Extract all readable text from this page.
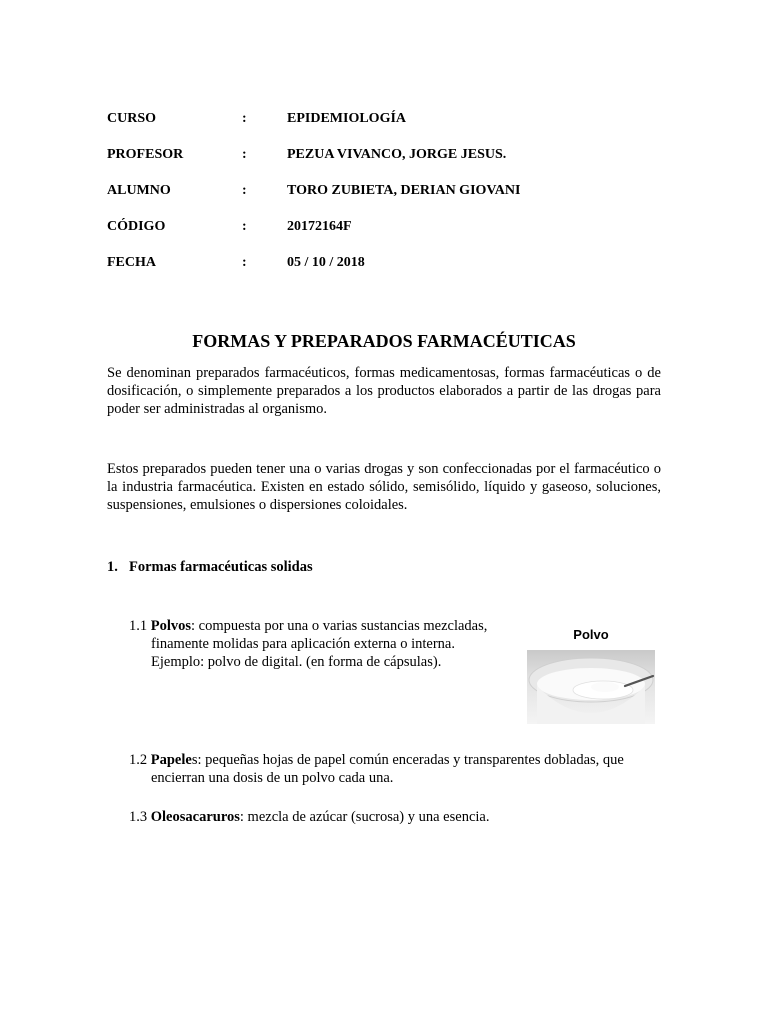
CURSO	:	EPIDEMIOLOGÍA
PROFESOR	:	PEZUA VIVANCO, JORGE JESUS.
ALUMNO	:	TORO ZUBIETA, DERIAN GIOVANI
CÓDIGO	:	20172164F
FECHA	:	05 / 10 / 2018
FORMAS Y PREPARADOS FARMACÉUTICAS

Se denominan preparados farmacéuticos, formas medicamentosas, formas farmacéuticas o de dosificación, o simplemente preparados a los productos elaborados a partir de las drogas para poder ser administradas al organismo.

Estos preparados pueden tener una o varias drogas y son confeccionadas por el farmacéutico o la industria farmacéutica. Existen en estado sólido, semisólido, líquido y gaseoso, soluciones, suspensiones, emulsiones o dispersiones coloidales.

1. Formas farmacéuticas solidas
1.1 Polvos: compuesta por una o varias sustancias mezcladas,
finamente molidas para aplicación externa o interna.
Ejemplo: polvo de digital. (en forma de cápsulas).
Polvo
1.2 Papeles: pequeñas hojas de papel común enceradas y transparentes dobladas, que
encierran una dosis de un polvo cada una.
1.3 Oleosacaruros: mezcla de azúcar (sucrosa) y una esencia.
